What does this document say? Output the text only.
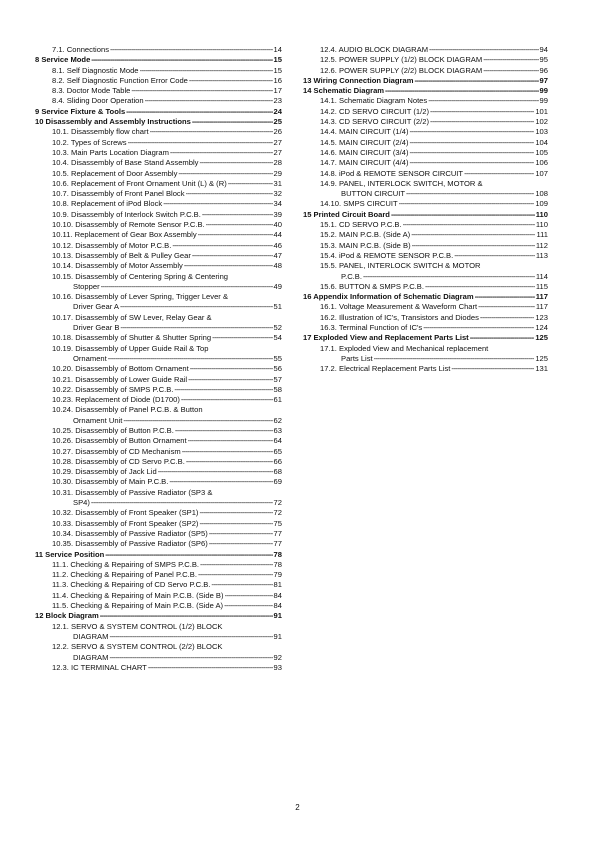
7.1. Connections -----	14
8 Service Mode -----	15
8.1. Self Diagnostic Mode -----	15
8.2. Self Diagnostic Function Error Code -----	16
8.3. Doctor Mode Table -----	17
8.4. Sliding Door Operation -----	23
9 Service Fixture & Tools -----	24
10 Disassembly and Assembly Instructions -----	25
10.1. Disassembly flow chart -----	26
10.2. Types of Screws -----	27
10.3. Main Parts Location Diagram -----	27
10.4. Disassembly of Base Stand Assembly -----	28
10.5. Replacement of Door Assembly -----	29
10.6. Replacement of Front Ornament Unit (L) & (R) -----	31
10.7. Disassembly of Front Panel Block -----	32
10.8. Replacement of iPod Block -----	34
10.9. Disassembly of Interlock Switch P.C.B. -----	39
10.10. Disassembly of Remote Sensor P.C.B. -----	40
10.11. Replacement of Gear Box Assembly -----	44
10.12. Disassembly of Motor P.C.B. -----	46
10.13. Disassembly of Belt & Pulley Gear -----	47
10.14. Disassembly of Motor Assembly -----	48
10.15. Disassembly of Centering Spring & Centering
Stopper -----	49
10.16. Disassembly of Lever Spring, Trigger Lever &
Driver Gear A -----	51
10.17. Disassembly of SW Lever, Relay Gear &
Driver Gear B -----	52
10.18. Disassembly of Shutter & Shutter Spring -----	54
10.19. Disassembly of Upper Guide Rail & Top
Ornament -----	55
10.20. Disassembly of Bottom Ornament -----	56
10.21. Disassembly of Lower Guide Rail -----	57
10.22. Disassembly of SMPS P.C.B. -----	58
10.23. Replacement of Diode (D1700) -----	61
10.24. Disassembly of Panel P.C.B. & Button
Ornament Unit -----	62
10.25. Disassembly of Button P.C.B. -----	63
10.26. Disassembly of Button Ornament -----	64
10.27. Disassembly of CD Mechanism -----	65
10.28. Disassembly of CD Servo P.C.B. -----	66
10.29. Disassembly of Jack Lid -----	68
10.30. Disassembly of Main P.C.B. -----	69
10.31. Disassembly of Passive Radiator (SP3 &
SP4) -----	72
10.32. Disassembly of Front Speaker (SP1) -----	72
10.33. Disassembly of Front Speaker (SP2) -----	75
10.34. Disassembly of Passive Radiator (SP5) -----	77
10.35. Disassembly of Passive Radiator (SP6) -----	77
11 Service Position -----	78
11.1. Checking & Repairing of SMPS P.C.B. -----	78
11.2. Checking & Repairing of Panel P.C.B. -----	79
11.3. Checking & Repairing of CD Servo P.C.B. -----	81
11.4. Checking & Repairing of Main P.C.B. (Side B) -----	84
11.5. Checking & Repairing of Main P.C.B. (Side A) -----	84
12 Block Diagram -----	91
12.1. SERVO & SYSTEM CONTROL (1/2) BLOCK
DIAGRAM -----	91
12.2. SERVO & SYSTEM CONTROL (2/2) BLOCK
DIAGRAM -----	92
12.3. IC TERMINAL CHART -----	93
12.4. AUDIO BLOCK DIAGRAM -----	94
12.5. POWER SUPPLY (1/2) BLOCK DIAGRAM -----	95
12.6. POWER SUPPLY (2/2) BLOCK DIAGRAM -----	96
13 Wiring Connection Diagram -----	97
14 Schematic Diagram -----	99
14.1. Schematic Diagram Notes -----	99
14.2. CD SERVO CIRCUIT (1/2) -----	101
14.3. CD SERVO CIRCUIT (2/2) -----	102
14.4. MAIN CIRCUIT (1/4) -----	103
14.5. MAIN CIRCUIT (2/4) -----	104
14.6. MAIN CIRCUIT (3/4) -----	105
14.7. MAIN CIRCUIT (4/4) -----	106
14.8. iPod & REMOTE SENSOR CIRCUIT -----	107
14.9. PANEL, INTERLOCK SWITCH, MOTOR &
BUTTON CIRCUIT -----	108
14.10. SMPS CIRCUIT -----	109
15 Printed Circuit Board -----	110
15.1. CD SERVO P.C.B. -----	110
15.2. MAIN P.C.B. (Side A) -----	111
15.3. MAIN P.C.B. (Side B) -----	112
15.4. iPod & REMOTE SENSOR P.C.B. -----	113
15.5. PANEL, INTERLOCK SWITCH & MOTOR
P.C.B. -----	114
15.6. BUTTON & SMPS P.C.B. -----	115
16 Appendix Information of Schematic Diagram -----	117
16.1. Voltage Measurement & Waveform Chart -----	117
16.2. Illustration of IC's, Transistors and Diodes -----	123
16.3. Terminal Function of IC's -----	124
17 Exploded View and Replacement Parts List -----	125
17.1. Exploded View and Mechanical replacement
Parts List -----	125
17.2. Electrical Replacement Parts List -----	131
2
